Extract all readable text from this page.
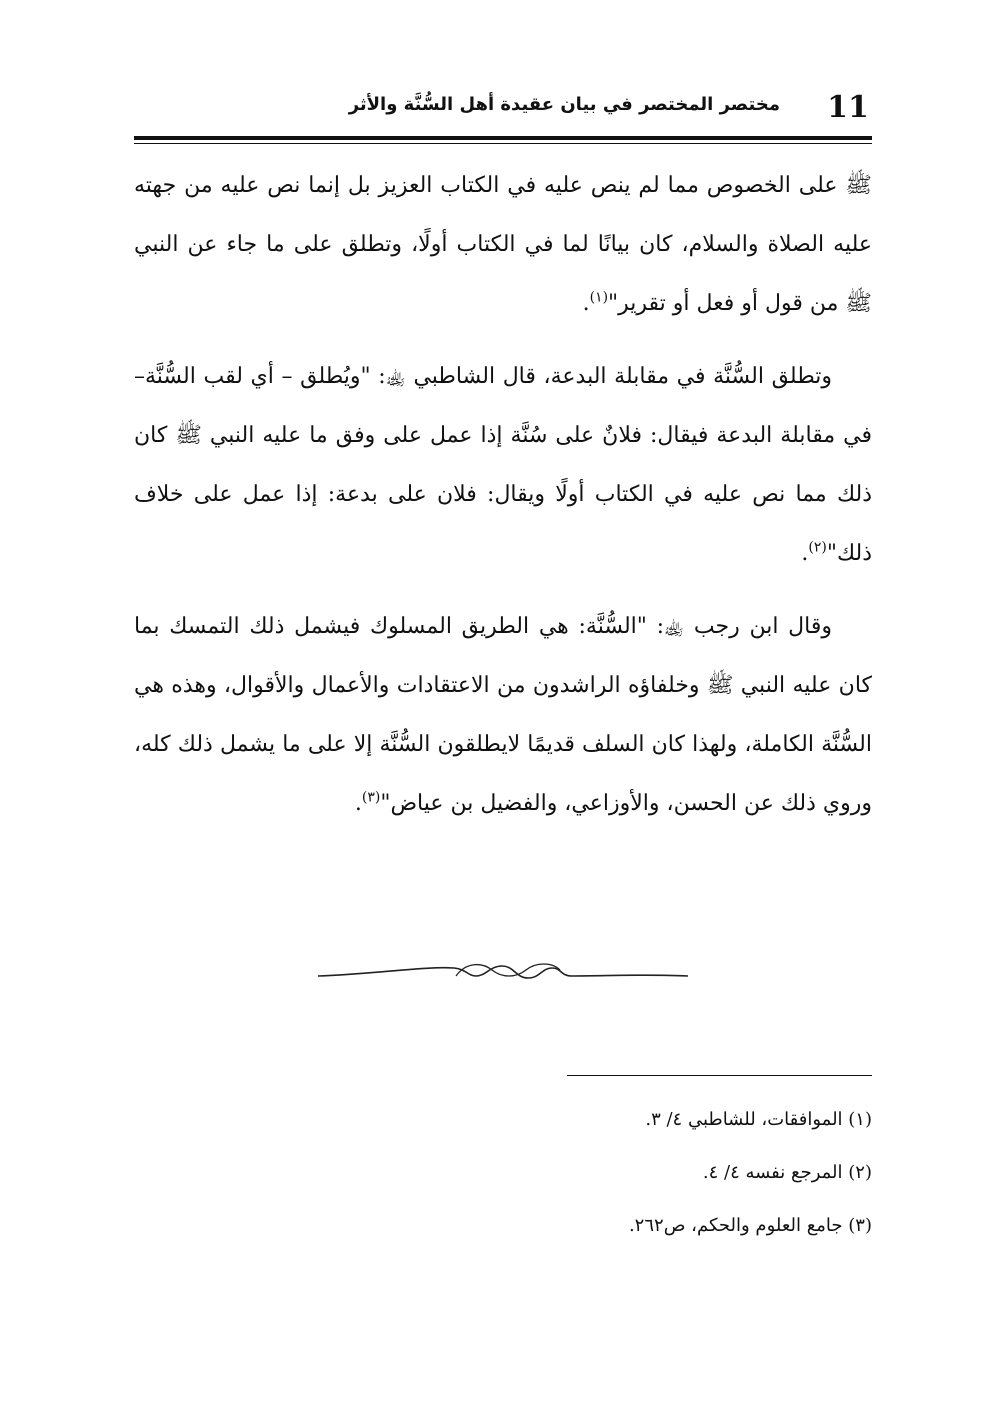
11
مختصر المختصر في بيان عقيدة أهل السُّنَّة والأثر

ﷺ على الخصوص مما لم ينص عليه في الكتاب العزيز بل إنما نص عليه من جهته عليه الصلاة والسلام، كان بيانًا لما في الكتاب أولًا، وتطلق على ما جاء عن النبي ﷺ من قول أو فعل أو تقرير"$^{(١)}$.

وتطلق السُّنَّة في مقابلة البدعة، قال الشاطبي ﵀: "ويُطلق – أي لقب السُّنَّة– في مقابلة البدعة فيقال: فلانٌ على سُنَّة إذا عمل على وفق ما عليه النبي ﷺ كان ذلك مما نص عليه في الكتاب أولًا ويقال: فلان على بدعة: إذا عمل على خلاف ذلك"$^{(٢)}$.

وقال ابن رجب ﵀: "السُّنَّة: هي الطريق المسلوك فيشمل ذلك التمسك بما كان عليه النبي ﷺ وخلفاؤه الراشدون من الاعتقادات والأعمال والأقوال، وهذه هي السُّنَّة الكاملة، ولهذا كان السلف قديمًا لايطلقون السُّنَّة إلا على ما يشمل ذلك كله، وروي ذلك عن الحسن، والأوزاعي، والفضيل بن عياض"$^{(٣)}$.

(١) الموافقات، للشاطبي ٤/ ٣.
(٢) المرجع نفسه ٤/ ٤.
(٣) جامع العلوم والحكم، ص٢٦٢.
